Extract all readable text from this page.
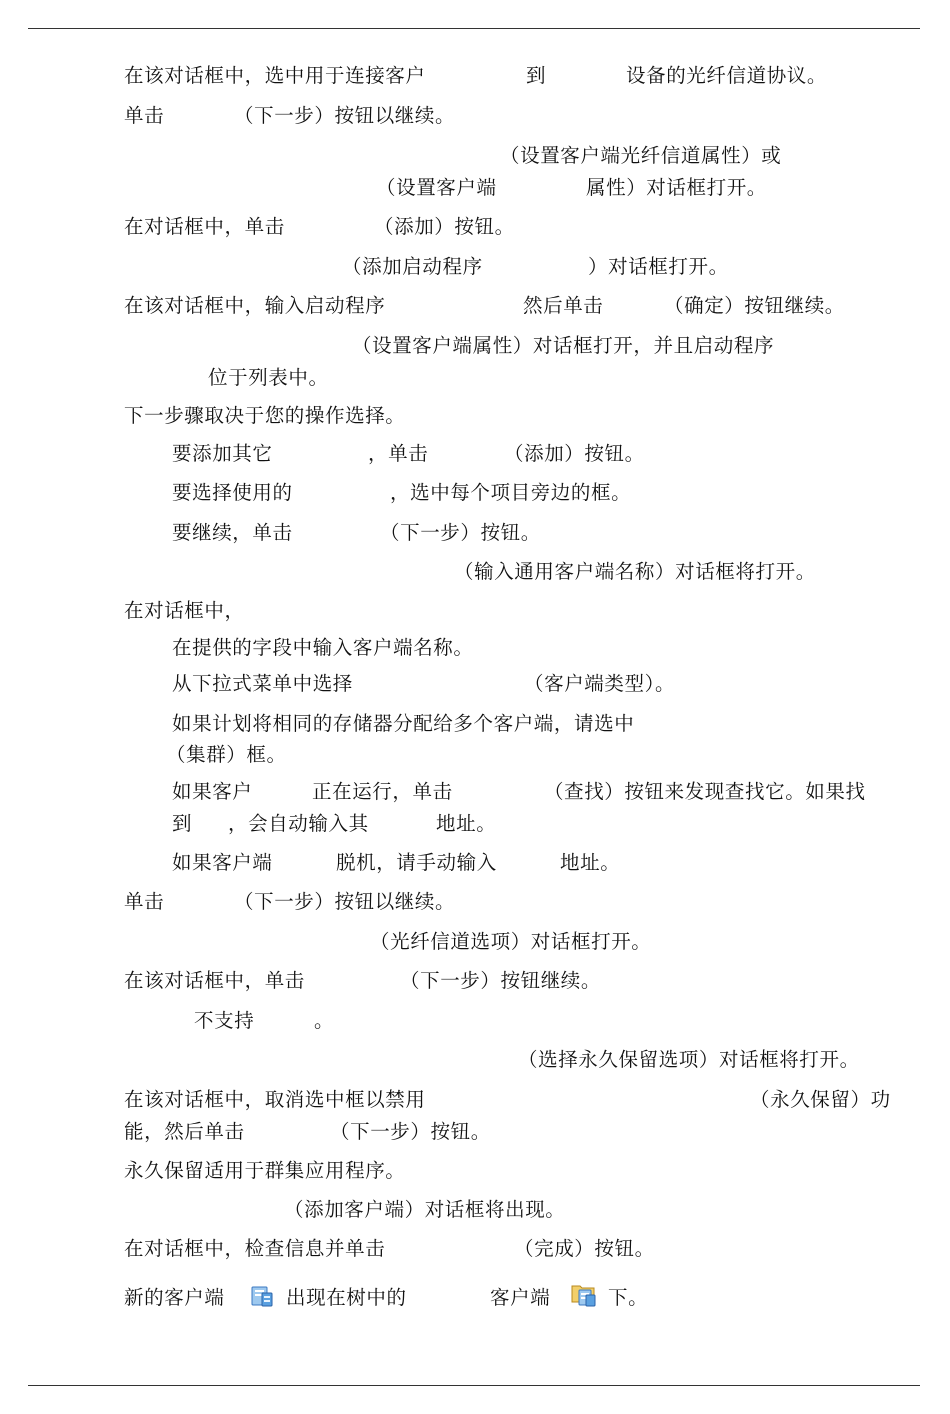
在该对话框中，选中用于连接客户	到	设备的光纤信道协议。
单击	（下一步）按钮以继续。
（设置客户端光纤信道属性）或
（设置客户端	属性）对话框打开。
在对话框中，单击	（添加）按钮。
（添加启动程序	）对话框打开。
在该对话框中，输入启动程序	然后单击	（确定）按钮继续。
（设置客户端属性）对话框打开，并且启动程序
位于列表中。
下一步骤取决于您的操作选择。
要添加其它	，单击	（添加）按钮。
要选择使用的	，选中每个项目旁边的框。
要继续，单击	（下一步）按钮。
（输入通用客户端名称）对话框将打开。
在对话框中，
在提供的字段中输入客户端名称。
从下拉式菜单中选择	（客户端类型）。
如果计划将相同的存储器分配给多个客户端，请选中
（集群）框。
如果客户	正在运行，单击	（查找）按钮来发现查找它。如果找
到 ，会自动输入其	地址。
如果客户端	脱机，请手动输入	地址。
单击	（下一步）按钮以继续。
（光纤信道选项）对话框打开。
在该对话框中，单击	（下一步）按钮继续。
不支持	。
（选择永久保留选项）对话框将打开。
在该对话框中，取消选中框以禁用	（永久保留）功
能，然后单击	（下一步）按钮。
永久保留适用于群集应用程序。
（添加客户端）对话框将出现。
在对话框中，检查信息并单击	（完成）按钮。
新的客户端	出现在树中的	客户端	下。
